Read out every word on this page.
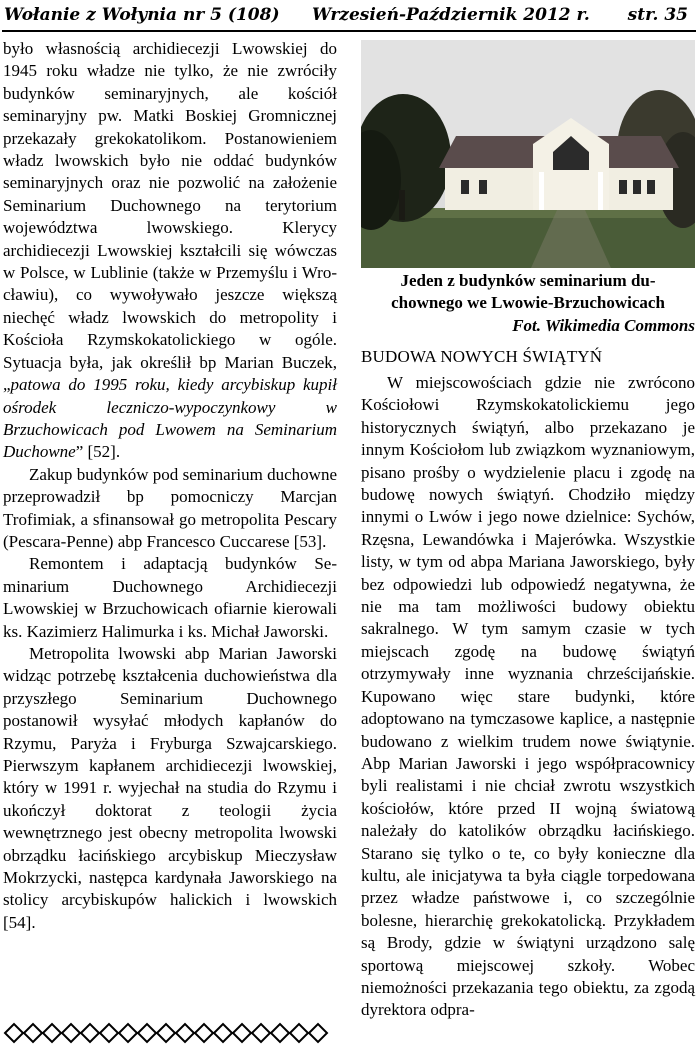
Wołanie z Wołynia nr 5 (108) Wrzesień-Październik 2012 r. str. 35

było własnością archidiecezji Lwowskiej do 1945 roku władze nie tylko, że nie zwróciły budynków seminaryjnych, ale kościół seminaryjny pw. Matki Boskiej Gromnicznej przekazały grekokatolikom. Postanowieniem władz lwowskich było nie oddać budynków seminaryjnych oraz nie pozwolić na założenie Seminarium Duchownego na terytorium województwa lwowskiego. Klerycy archidiecezji Lwowskiej kształcili się wówczas w Polsce, w Lublinie (także w Przemyślu i Wrocławiu), co wywoływało jeszcze większą niechęć władz lwowskich do metropolity i Kościoła Rzymskokatolickiego w ogóle. Sytuacja była, jak określił bp Marian Buczek, „patowa do 1995 roku, kiedy arcybiskup kupił ośrodek leczniczo-wypoczynkowy w Brzuchowicach pod Lwowem na Seminarium Duchowne” [52].

Zakup budynków pod seminarium duchowne przeprowadził bp pomocniczy Marcjan Trofimiak, a sfinansował go metropolita Pescary (Pescara-Penne) abp Francesco Cuccarese [53].

Remontem i adaptacją budynków Seminarium Duchownego Archidiecezji Lwowskiej w Brzuchowicach ofiarnie kierowali ks. Kazimierz Halimurka i ks. Michał Jaworski.

Metropolita lwowski abp Marian Jaworski widząc potrzebę kształcenia duchowieństwa dla przyszłego Seminarium Duchownego postanowił wysyłać młodych kapłanów do Rzymu, Paryża i Fryburga Szwajcarskiego. Pierwszym kapłanem archidiecezji lwowskiej, który w 1991 r. wyjechał na studia do Rzymu i ukończył doktorat z teologii życia wewnętrznego jest obecny metropolita lwowski obrządku łacińskiego arcybiskup Mieczysław Mokrzycki, następca kardynała Jaworskiego na stolicy arcybiskupów halickich i lwowskich [54].

Jeden z budynków seminarium du-
chownego we Lwowie-Brzuchowicach
Fot. Wikimedia Commons
BUDOWA NOWYCH ŚWIĄTYŃ

W miejscowościach gdzie nie zwrócono Kościołowi Rzymskokatolickiemu jego historycznych świątyń, albo przekazano je innym Kościołom lub związkom wyznaniowym, pisano prośby o wydzielenie placu i zgodę na budowę nowych świątyń. Chodziło między innymi o Lwów i jego nowe dzielnice: Sychów, Rzęsna, Lewandówka i Majerówka. Wszystkie listy, w tym od abpa Mariana Jaworskiego, były bez odpowiedzi lub odpowiedź negatywna, że nie ma tam możliwości budowy obiektu sakralnego. W tym samym czasie w tych miejscach zgodę na budowę świątyń otrzymywały inne wyznania chrześcijańskie. Kupowano więc stare budynki, które adoptowano na tymczasowe kaplice, a następnie budowano z wielkim trudem nowe świątynie. Abp Marian Jaworski i jego współpracownicy byli realistami i nie chciał zwrotu wszystkich kościołów, które przed II wojną światową należały do katolików obrządku łacińskiego. Starano się tylko o te, co były konieczne dla kultu, ale inicjatywa ta była ciągle torpedowana przez władze państwowe i, co szczególnie bolesne, hierarchię grekokatolicką. Przykładem są Brody, gdzie w świątyni urządzono salę sportową miejscowej szkoły. Wobec niemożności przekazania tego obiektu, za zgodą dyrektora odpra-
